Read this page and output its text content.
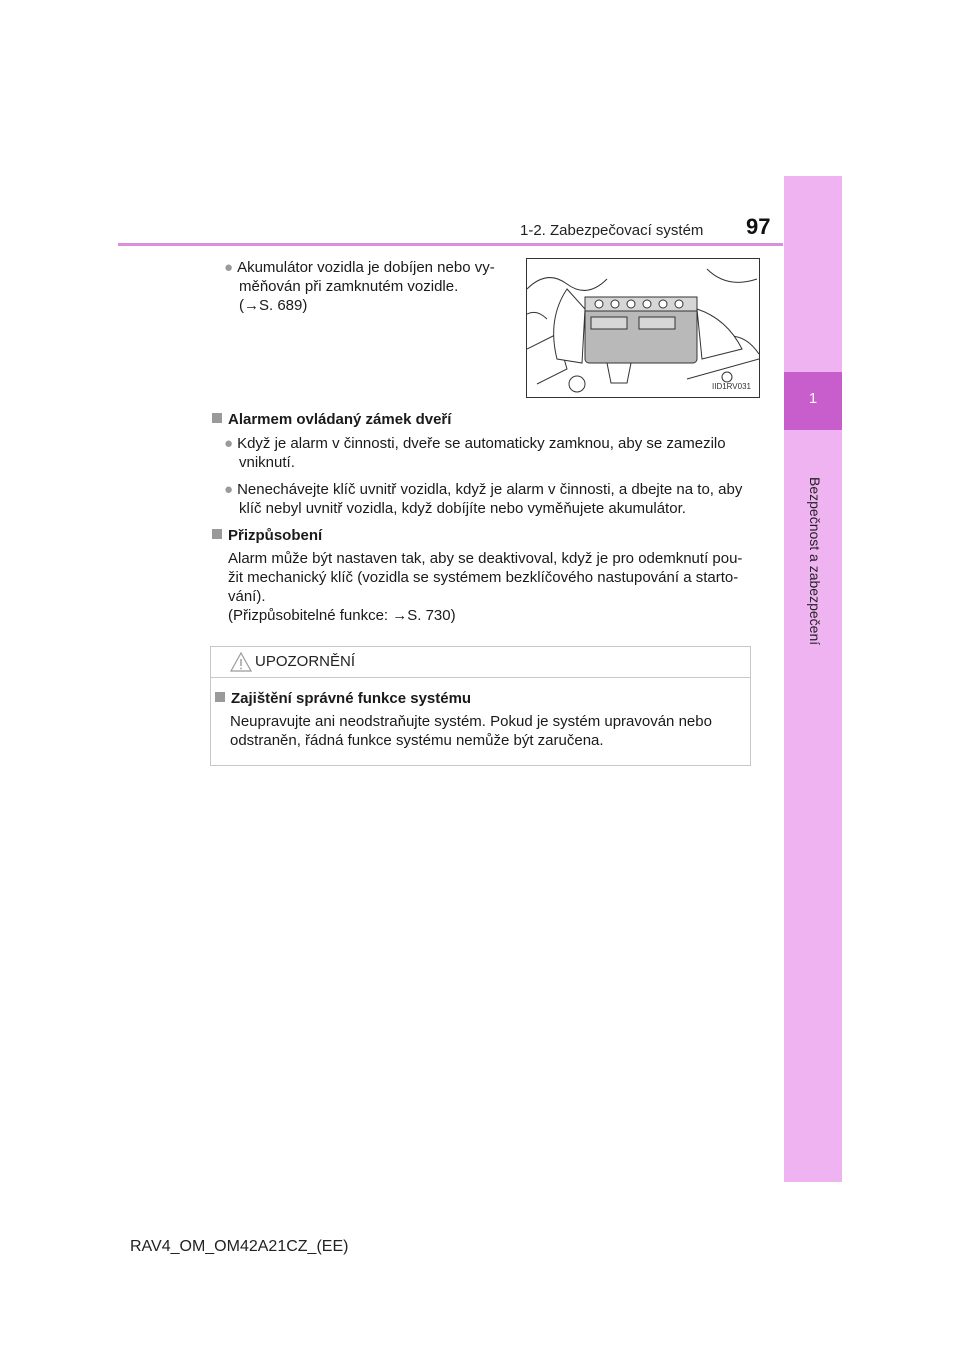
1
Bezpečnost a zabezpečení
1-2. Zabezpečovací systém 97
● Akumulátor vozidla je dobíjen nebo vy-
měňován při zamknutém vozidle.
(→S. 689)
IID1RV031
Alarmem ovládaný zámek dveří
● Když je alarm v činnosti, dveře se automaticky zamknou, aby se zamezilo
vniknutí.
● Nenechávejte klíč uvnitř vozidla, když je alarm v činnosti, a dbejte na to, aby
klíč nebyl uvnitř vozidla, když dobíjíte nebo vyměňujete akumulátor.
Přizpůsobení
Alarm může být nastaven tak, aby se deaktivoval, když je pro odemknutí pou-
žit mechanický klíč (vozidla se systémem bezklíčového nastupování a starto-
vání).
(Přizpůsobitelné funkce: →S. 730)
UPOZORNĚNÍ
Zajištění správné funkce systému
Neupravujte ani neodstraňujte systém. Pokud je systém upravován nebo
odstraněn, řádná funkce systému nemůže být zaručena.
RAV4_OM_OM42A21CZ_(EE)
